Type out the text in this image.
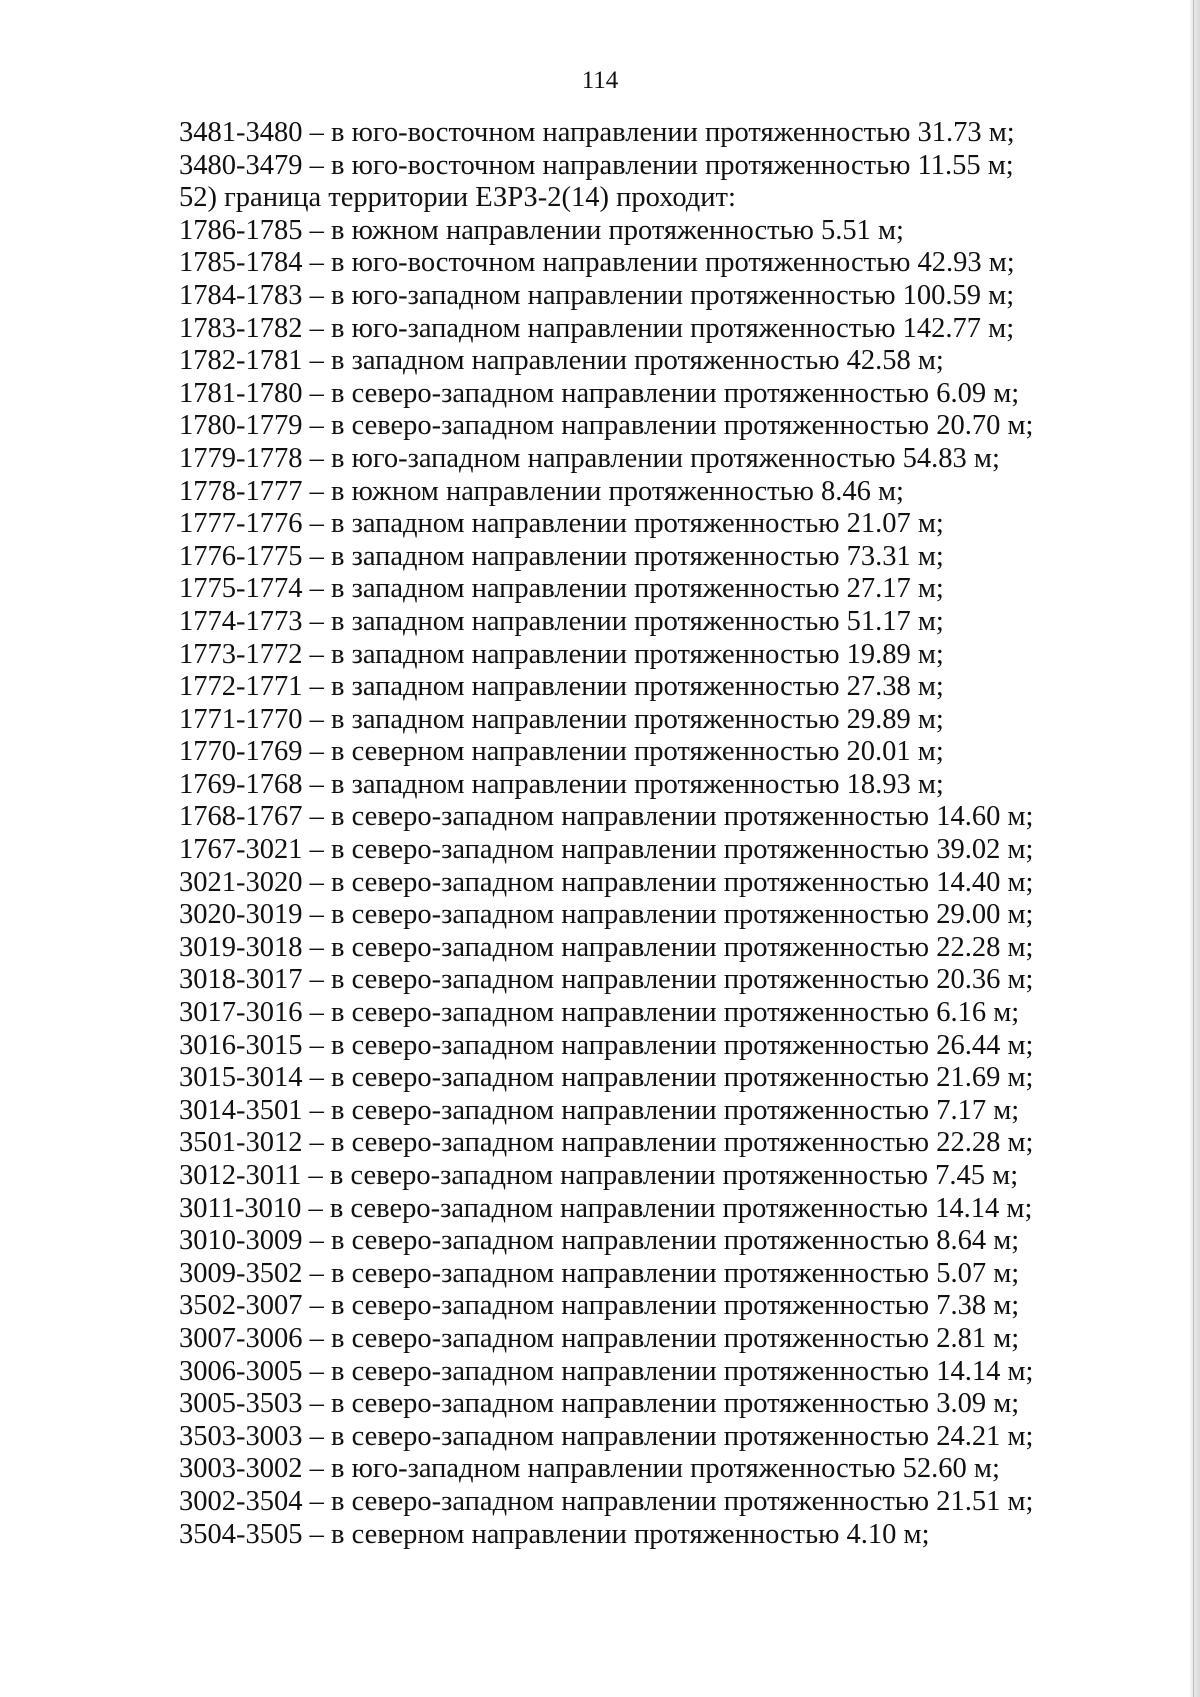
114
3481-3480 – в юго-восточном направлении протяженностью 31.73 м;
3480-3479 – в юго-восточном направлении протяженностью 11.55 м;
52) граница территории ЕЗРЗ-2(14) проходит:
1786-1785 – в южном направлении протяженностью 5.51 м;
1785-1784 – в юго-восточном направлении протяженностью 42.93 м;
1784-1783 – в юго-западном направлении протяженностью 100.59 м;
1783-1782 – в юго-западном направлении протяженностью 142.77 м;
1782-1781 – в западном направлении протяженностью 42.58 м;
1781-1780 – в северо-западном направлении протяженностью 6.09 м;
1780-1779 – в северо-западном направлении протяженностью 20.70 м;
1779-1778 – в юго-западном направлении протяженностью 54.83 м;
1778-1777 – в южном направлении протяженностью 8.46 м;
1777-1776 – в западном направлении протяженностью 21.07 м;
1776-1775 – в западном направлении протяженностью 73.31 м;
1775-1774 – в западном направлении протяженностью 27.17 м;
1774-1773 – в западном направлении протяженностью 51.17 м;
1773-1772 – в западном направлении протяженностью 19.89 м;
1772-1771 – в западном направлении протяженностью 27.38 м;
1771-1770 – в западном направлении протяженностью 29.89 м;
1770-1769 – в северном направлении протяженностью 20.01 м;
1769-1768 – в западном направлении протяженностью 18.93 м;
1768-1767 – в северо-западном направлении протяженностью 14.60 м;
1767-3021 – в северо-западном направлении протяженностью 39.02 м;
3021-3020 – в северо-западном направлении протяженностью 14.40 м;
3020-3019 – в северо-западном направлении протяженностью 29.00 м;
3019-3018 – в северо-западном направлении протяженностью 22.28 м;
3018-3017 – в северо-западном направлении протяженностью 20.36 м;
3017-3016 – в северо-западном направлении протяженностью 6.16 м;
3016-3015 – в северо-западном направлении протяженностью 26.44 м;
3015-3014 – в северо-западном направлении протяженностью 21.69 м;
3014-3501 – в северо-западном направлении протяженностью 7.17 м;
3501-3012 – в северо-западном направлении протяженностью 22.28 м;
3012-3011 – в северо-западном направлении протяженностью 7.45 м;
3011-3010 – в северо-западном направлении протяженностью 14.14 м;
3010-3009 – в северо-западном направлении протяженностью 8.64 м;
3009-3502 – в северо-западном направлении протяженностью 5.07 м;
3502-3007 – в северо-западном направлении протяженностью 7.38 м;
3007-3006 – в северо-западном направлении протяженностью 2.81 м;
3006-3005 – в северо-западном направлении протяженностью 14.14 м;
3005-3503 – в северо-западном направлении протяженностью 3.09 м;
3503-3003 – в северо-западном направлении протяженностью 24.21 м;
3003-3002 – в юго-западном направлении протяженностью 52.60 м;
3002-3504 – в северо-западном направлении протяженностью 21.51 м;
3504-3505 – в северном направлении протяженностью 4.10 м;
